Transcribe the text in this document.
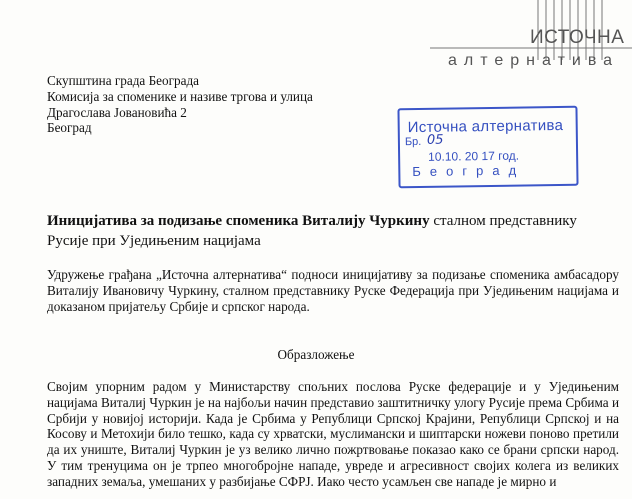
ИСТОЧНА
алтернатива
Скупштина града Београда
Комисија за споменике и називе тргова и улица
Драгослава Јовановића 2
Београд	Источна алтернатива
Бр. 05
10.10. 20 17 год.
Београд
Иницијатива за подизање споменика Виталију Чуркину сталном представнику Русије при Уједињеним нацијама
Удружење грађана „Источна алтернатива“ подноси иницијативу за подизање споменика амбасадору Виталију Ивановичу Чуркину, сталном представнику Руске Федерација при Уједињеним нацијама и доказаном пријатељу Србије и српског народа.
Образложење
Својим упорним радом у Министарству спољних послова Руске федерације и у Уједињеним нацијама Виталиј Чуркин је на најбољи начин представио заштитничку улогу Русије према Србима и Србији у новијој историји. Када је Србима у Републици Српској Крајини, Републици Српској и на Косову и Метохији било тешко, када су хрватски, муслимански и шиптарски ножеви поново претили да их униште, Виталиј Чуркин је уз велико лично пожртвовање показао како се брани српски народ. У тим тренуцима он је трпео многобројне нападе, увреде и агресивност својих колега из великих западних земаља, умешаних у разбијање СФРЈ. Иако често усамљен све нападе је мирно и
